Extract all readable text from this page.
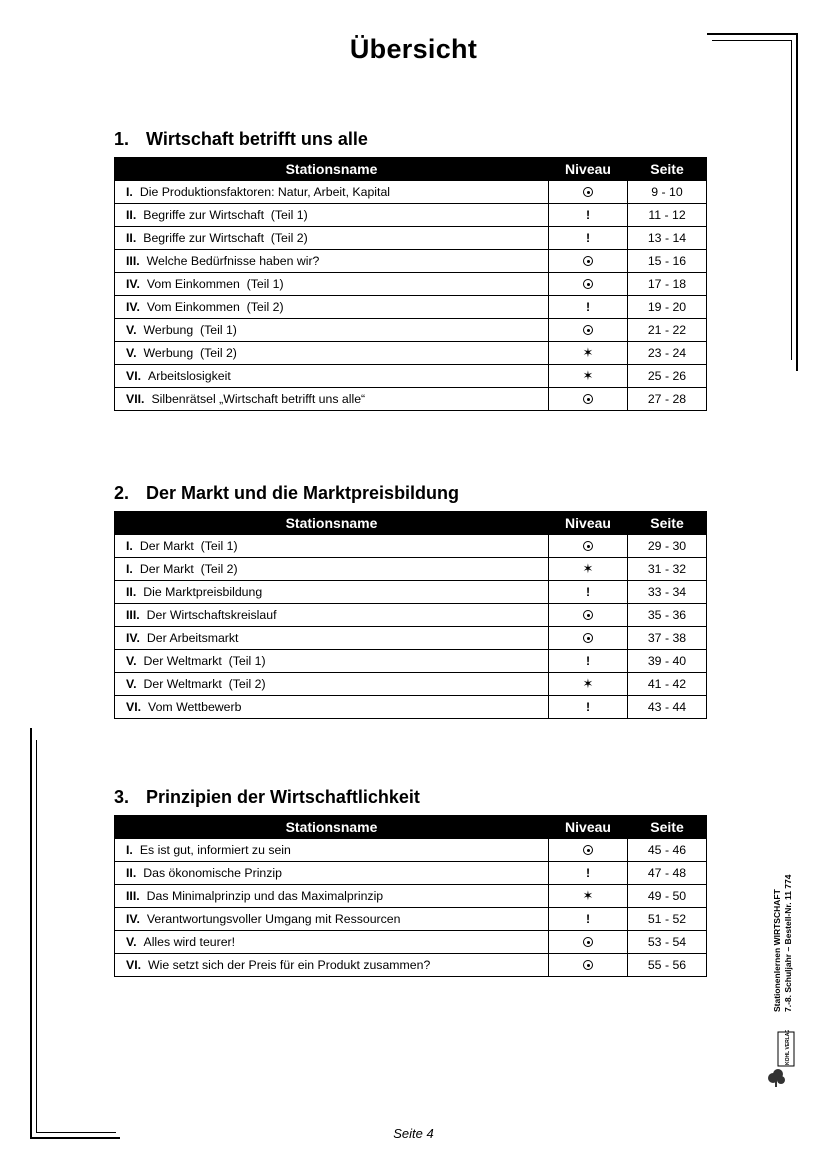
Übersicht
1. Wirtschaft betrifft uns alle
Stationsname	Niveau	Seite
I. Die Produktionsfaktoren: Natur, Arbeit, Kapital		9 - 10
II. Begriffe zur Wirtschaft  (Teil 1)	!	11 - 12
II. Begriffe zur Wirtschaft  (Teil 2)	!	13 - 14
III. Welche Bedürfnisse haben wir?		15 - 16
IV. Vom Einkommen  (Teil 1)		17 - 18
IV. Vom Einkommen  (Teil 2)	!	19 - 20
V. Werbung  (Teil 1)		21 - 22
V. Werbung  (Teil 2)	✶	23 - 24
VI. Arbeitslosigkeit	✶	25 - 26
VII. Silbenrätsel „Wirtschaft betrifft uns alle“		27 - 28
2. Der Markt und die Marktpreisbildung
Stationsname	Niveau	Seite
I. Der Markt  (Teil 1)		29 - 30
I. Der Markt  (Teil 2)	✶	31 - 32
II. Die Marktpreisbildung	!	33 - 34
III. Der Wirtschaftskreislauf		35 - 36
IV. Der Arbeitsmarkt		37 - 38
V. Der Weltmarkt  (Teil 1)	!	39 - 40
V. Der Weltmarkt  (Teil 2)	✶	41 - 42
VI. Vom Wettbewerb	!	43 - 44
3. Prinzipien der Wirtschaftlichkeit
Stationsname	Niveau	Seite
I. Es ist gut, informiert zu sein		45 - 46
II. Das ökonomische Prinzip	!	47 - 48
III. Das Minimalprinzip und das Maximalprinzip	✶	49 - 50
IV. Verantwortungsvoller Umgang mit Ressourcen	!	51 - 52
V. Alles wird teurer!		53 - 54
VI. Wie setzt sich der Preis für ein Produkt zusammen?		55 - 56	Stationenlernen WIRTSCHAFT 7.-8. Schuljahr – Bestell-Nr. 11 774
KOHL VERLAG
Seite 4
